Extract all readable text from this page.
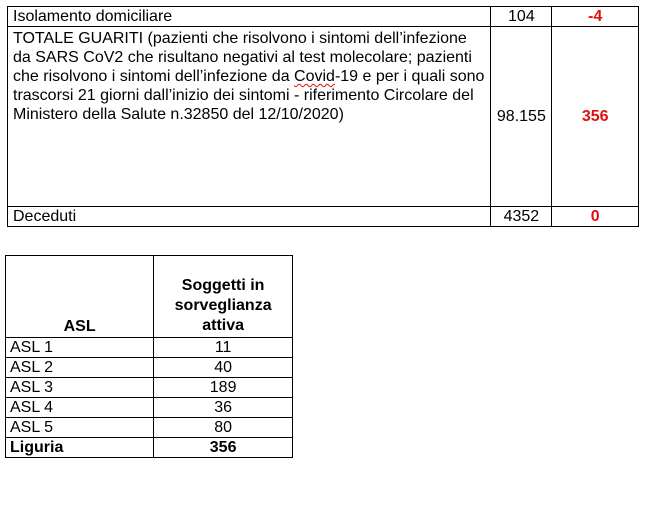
Isolamento domiciliare	104	-4
TOTALE GUARITI (pazienti che risolvono i sintomi dell’infezione da SARS CoV2 che risultano negativi al test molecolare; pazienti che risolvono i sintomi dell’infezione da Covid-19 e per i quali sono trascorsi 21 giorni dall’inizio dei sintomi - riferimento Circolare del Ministero della Salute n.32850 del 12/10/2020)	98.155	356
Deceduti	4352	0
ASL	Soggetti in sorveglianza attiva
ASL 1	11
ASL 2	40
ASL 3	189
ASL 4	36
ASL 5	80
Liguria	356
